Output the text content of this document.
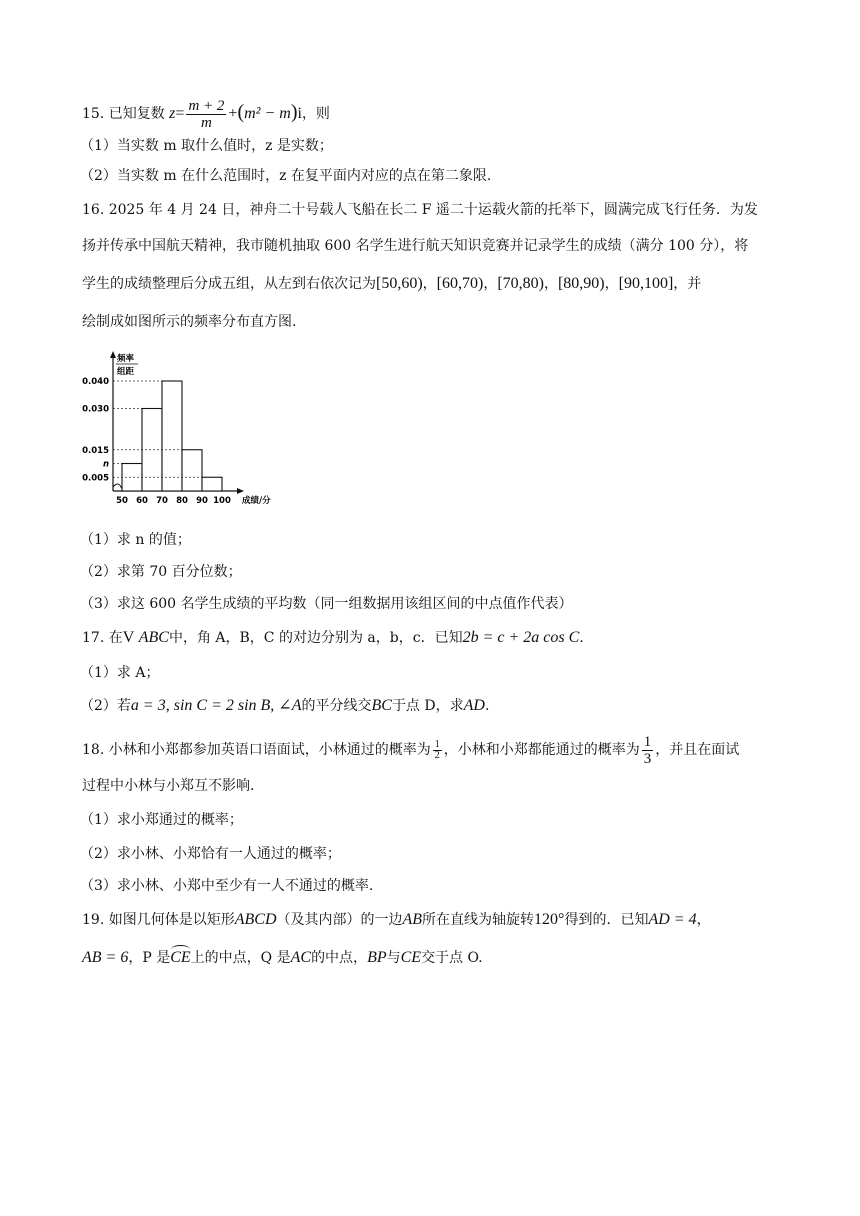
15. 已知复数 $z= \frac{m + 2}{m} +(m^2 - m)i$，则
（1）当实数 m 取什么值时，z 是实数；
（2）当实数 m 在什么范围时，z 在复平面内对应的点在第二象限.
16. 2025 年 4 月 24 日，神舟二十号载人飞船在长二 F 遥二十运载火箭的托举下，圆满完成飞行任务．为发
扬并传承中国航天精神，我市随机抽取 600 名学生进行航天知识竞赛并记录学生的成绩（满分 100 分），将
学生的成绩整理后分成五组，从左到右依次记为[50,60)，[60,70)，[70,80)，[80,90)，[90,100]，并
绘制成如图所示的频率分布直方图.
频率
组距
0.040
0.030
0.015
n
0.005
50 60 70 80 90 100 成绩/分
（1）求 n 的值；
（2）求第 70 百分位数；
（3）求这 600 名学生成绩的平均数（同一组数据用该组区间的中点值作代表）
17. 在V ABC中，角 A，B，C 的对边分别为 a，b，c．已知2b = c + 2a cos C.
（1）求 A；
（2）若a = 3, sin C = 2 sin B, ∠A的平分线交BC于点 D，求AD.
18. 小林和小郑都参加英语口语面试，小林通过的概率为 $\frac{1}{2}$ ，小林和小郑都能通过的概率为 $\frac{1}{3}$ ，并且在面试
过程中小林与小郑互不影响.
（1）求小郑通过的概率；
（2）求小林、小郑恰有一人通过的概率；
（3）求小林、小郑中至少有一人不通过的概率.
19. 如图几何体是以矩形ABCD（及其内部）的一边AB所在直线为轴旋转120°得到的．已知AD = 4，
AB = 6，P 是CE上的中点，Q 是AC的中点，BP与CE交于点 O.
